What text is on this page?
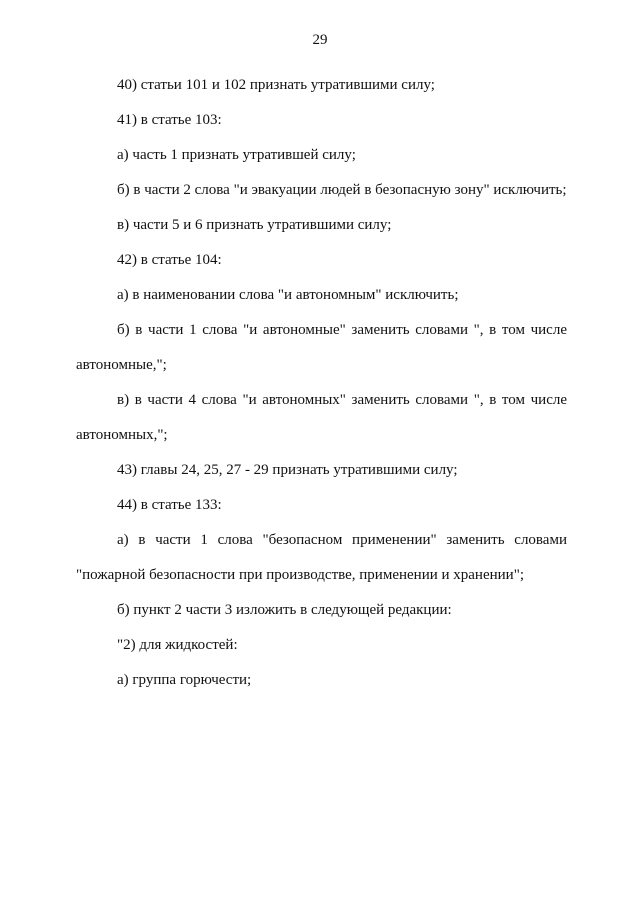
29

40) статьи 101 и 102 признать утратившими силу;

41) в статье 103:

а) часть 1 признать утратившей силу;

б) в части 2 слова "и эвакуации людей в безопасную зону" исключить;

в) части 5 и 6 признать утратившими силу;

42) в статье 104:

а) в наименовании слова "и автономным" исключить;

б) в части 1 слова "и автономные" заменить словами ", в том числе автономные,";

в) в части 4 слова "и автономных" заменить словами ", в том числе автономных,";

43) главы 24, 25, 27 - 29 признать утратившими силу;

44) в статье 133:

а) в части 1 слова "безопасном применении" заменить словами "пожарной безопасности при производстве, применении и хранении";

б) пункт 2 части 3 изложить в следующей редакции:

"2) для жидкостей:

а) группа горючести;
